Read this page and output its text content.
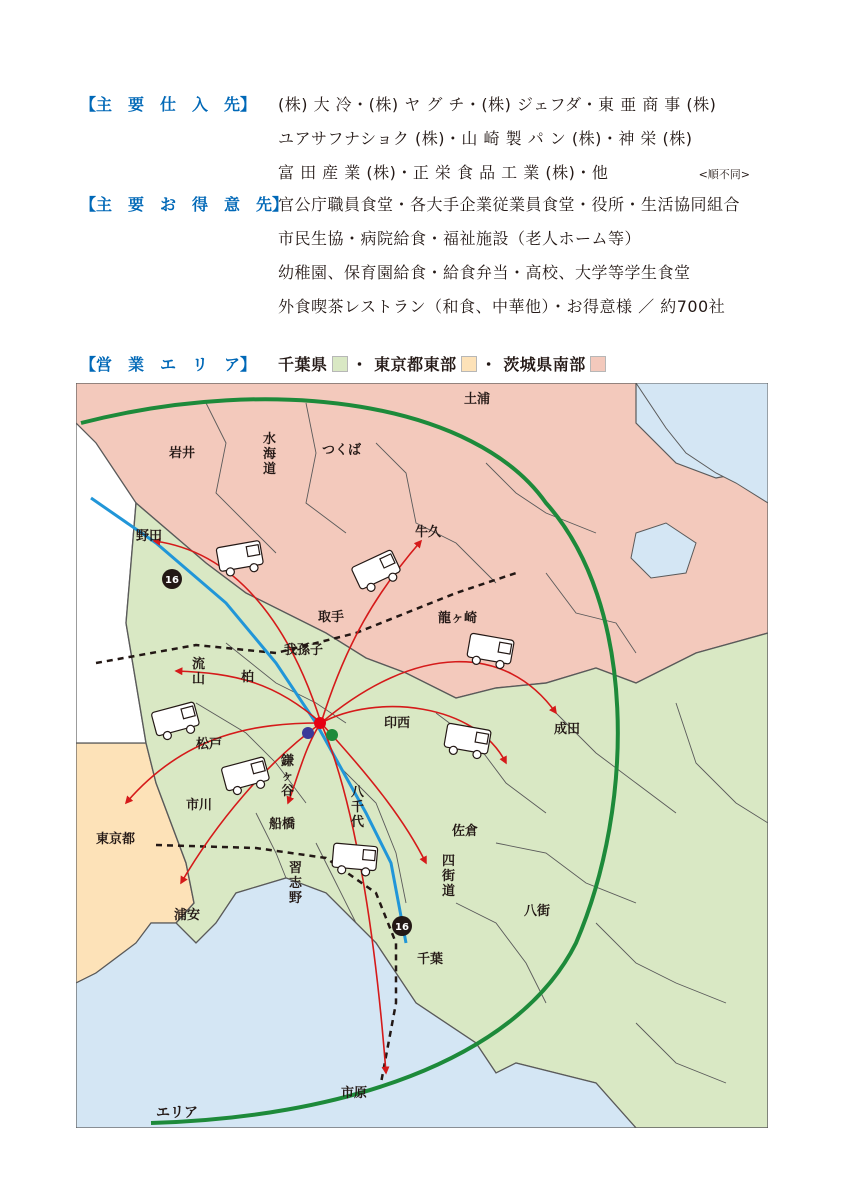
【主　要　仕　入　先】	(株) 大 冷・(株) ヤ グ チ・(株) ジェフダ・東 亜 商 事 (株)
ユアサフナショク (株)・山 崎 製 パ ン (株)・神 栄 (株)
富 田 産 業 (株)・正 栄 食 品 工 業 (株)・他	<順不同>
【主　要　お　得　意　先】
官公庁職員食堂・各大手企業従業員食堂・役所・生活協同組合
市民生協・病院給食・福祉施設（老人ホーム等）
幼稚園、保育園給食・給食弁当・高校、大学等学生食堂
外食喫茶レストラン（和食、中華他）・お得意様 ／ 約700社
【営　業　エ　リ　ア】	千葉県 ・ 東京都東部 ・ 茨城県南部
16
16
土浦
岩井	つくば
牛久
野田
取手	龍ヶ崎
我孫子
柏
成田
印西
松戸
市川
船橋	佐倉
東京都
八街
浦安
千葉
市原
エリア
水海道
流山
鎌ヶ谷	八千代
四街道
習志野
